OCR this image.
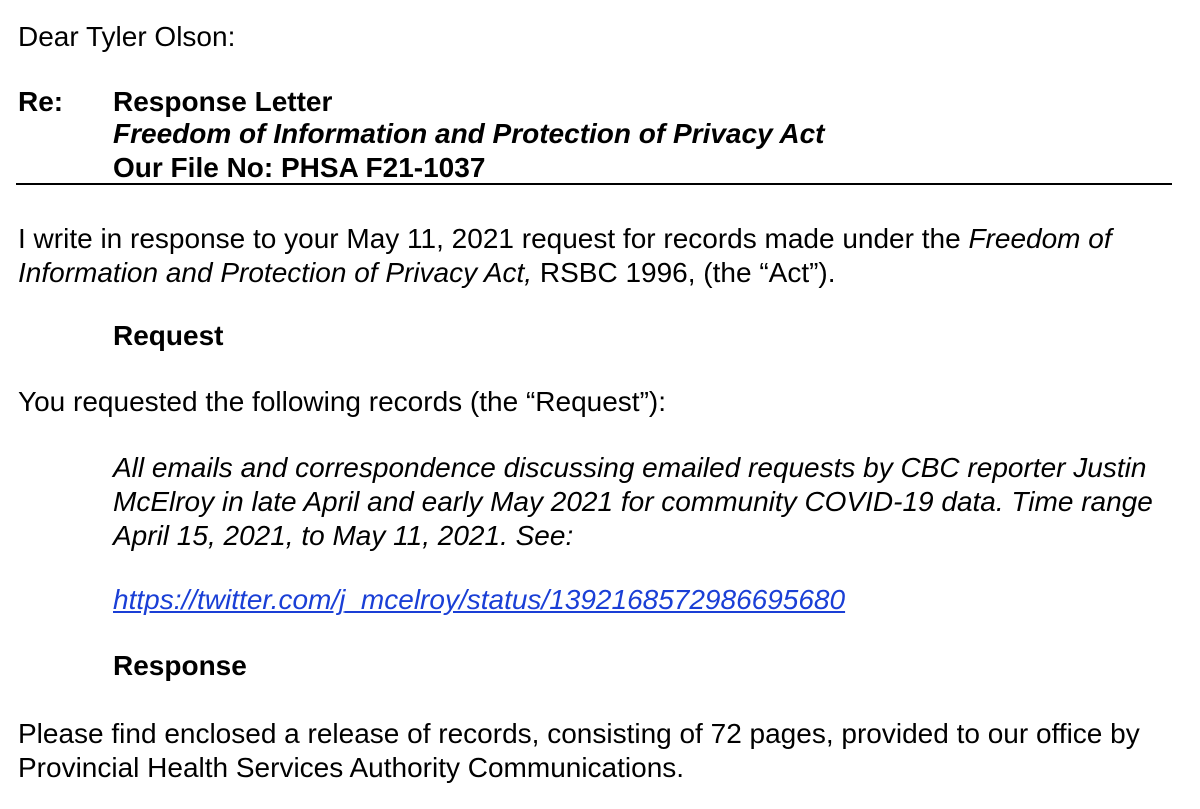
Dear Tyler Olson:
Re: Response Letter
Freedom of Information and Protection of Privacy Act
Our File No: PHSA F21-1037
I write in response to your May 11, 2021 request for records made under the Freedom of Information and Protection of Privacy Act, RSBC 1996, (the “Act”).
Request
You requested the following records (the “Request”):
All emails and correspondence discussing emailed requests by CBC reporter Justin McElroy in late April and early May 2021 for community COVID-19 data. Time range April 15, 2021, to May 11, 2021. See:
https://twitter.com/j_mcelroy/status/1392168572986695680
Response
Please find enclosed a release of records, consisting of 72 pages, provided to our office by Provincial Health Services Authority Communications.
